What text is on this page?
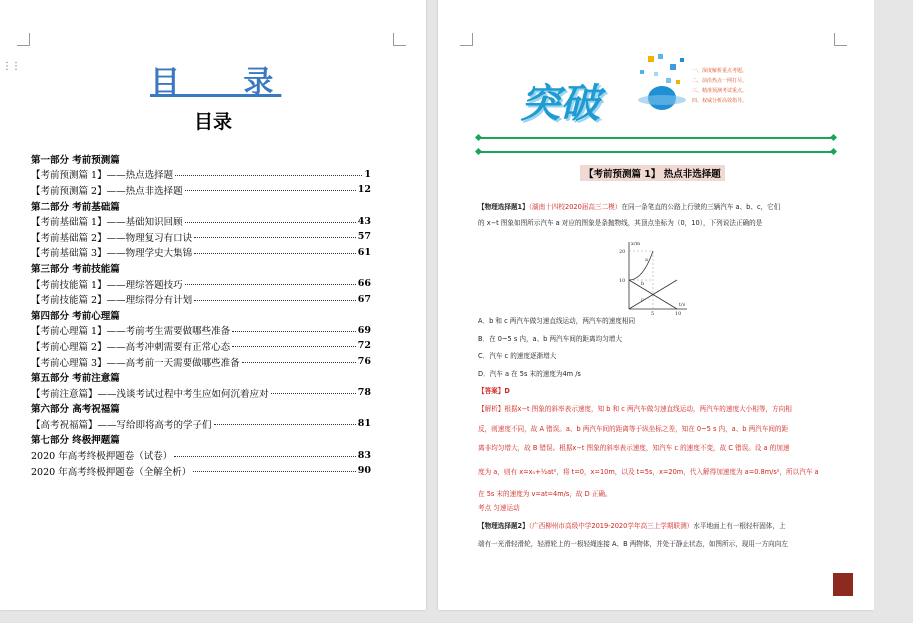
⋮⋮	目   录
目录
第一部分 考前预测篇
【考前预测篇 1】——热点选择题	1
【考前预测篇 2】——热点非选择题	12
第二部分 考前基础篇
【考前基础篇 1】——基础知识回顾	43
【考前基础篇 2】——物理复习有口诀	57
【考前基础篇 3】——物理学史大集锦	61
第三部分 考前技能篇
【考前技能篇 1】——理综答题技巧	66
【考前技能篇 2】——理综得分有计划	67
第四部分 考前心理篇
【考前心理篇 1】——考前考生需要做哪些准备	69
【考前心理篇 2】——高考冲刺需要有正常心态	72
【考前心理篇 3】——高考前一天需要做哪些准备	76
第五部分 考前注意篇
【考前注意篇】——浅谈考试过程中考生应如何沉着应对	78
第六部分 高考祝福篇
【高考祝福篇】——写给即将高考的学子们	81
第七部分 终极押题篇
2020 年高考终极押题卷（试卷）	83
2020 年高考终极押题卷（全解全析）	90
突破
一、深度解析重点考题。
二、前沿热点一网打尽。
三、精准预测考试重点。
四、权威分析高效指导。
【考前预测篇 1】 热点非选择题
【物理选择题1】（湖南十四校2020届高三二模）在同一条笔直的公路上行驶的三辆汽车 a、b、c，它们
的 x−t 图象如图所示汽车 a 对应的图象是条抛物线，其顶点坐标为（0，10），下列说法正确的是
x/m
t/s
20
10
5	10
a
b
c
A．b 和 c 两汽车做匀速直线运动，两汽车的速度相同
B．在 0~5 s 内，a、b 两汽车间的距离均匀增大
C．汽车 c 的速度逐渐增大
D．汽车 a 在 5s 末的速度为4m /s
【答案】D
【解析】根据x−t 图象的斜率表示速度，知 b 和 c 两汽车做匀速直线运动，两汽车的速度大小相等，方向相
反，则速度不同，故 A 错误。a、b 两汽车间的距离等于纵坐标之差，知在 0~5 s 内，a、b 两汽车间的距
离非均匀增大，故 B 错误。根据x−t 图象的斜率表示速度，知汽车 c 的速度不变，故 C 错误。设 a 的加速
度为 a，则有 x=x₀+½at²，将 t=0，x=10m，以及 t=5s，x=20m，代入解得加速度为 a=0.8m/s²，所以汽车 a
在 5s 末的速度为 v=at=4m/s，故 D 正确。
考点 匀速运动
【物理选择题2】（广西柳州市高级中学2019-2020学年高三上学期联测）水平地面上有一根轻杆固体，上
端有一光滑轻滑轮，轻滑轮上的一根轻绳连接 A、B 两物体，并处于静止状态，如图所示，现用一方向向左
